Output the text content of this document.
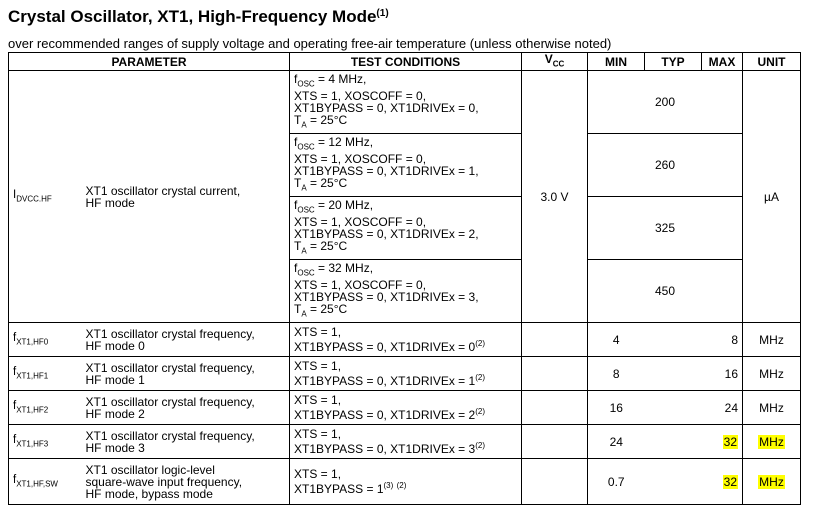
Crystal Oscillator, XT1, High-Frequency Mode$^{(1)}$
over recommended ranges of supply voltage and operating free-air temperature (unless otherwise noted)
PARAMETER		TEST CONDITIONS	$V_{CC}$	MIN	TYP	MAX	UNIT
$I_{DVCC.HF}$	XT1 oscillator crystal current,
HF mode	$f_{OSC} = 4$ MHz,
XTS = 1, XOSCOFF = 0,
XT1BYPASS = 0, XT1DRIVEx = 0,
$T_A = 25^\circ C$	3.0 V	200			µA
		$f_{OSC} = 12$ MHz,
XTS = 1, XOSCOFF = 0,
XT1BYPASS = 0, XT1DRIVEx = 1,
$T_A = 25^\circ C$		260			
		$f_{OSC} = 20$ MHz,
XTS = 1, XOSCOFF = 0,
XT1BYPASS = 0, XT1DRIVEx = 2,
$T_A = 25^\circ C$		325			
		$f_{OSC} = 32$ MHz,
XTS = 1, XOSCOFF = 0,
XT1BYPASS = 0, XT1DRIVEx = 3,
$T_A = 25^\circ C$		450			
$f_{XT1,HF0}$	XT1 oscillator crystal frequency,
HF mode 0	XTS = 1,
XT1BYPASS = 0, XT1DRIVEx = $0^{(2)}$		4		8	MHz
$f_{XT1,HF1}$	XT1 oscillator crystal frequency,
HF mode 1	XTS = 1,
XT1BYPASS = 0, XT1DRIVEx = $1^{(2)}$		8		16	MHz
$f_{XT1,HF2}$	XT1 oscillator crystal frequency,
HF mode 2	XTS = 1,
XT1BYPASS = 0, XT1DRIVEx = $2^{(2)}$		16		24	MHz
$f_{XT1,HF3}$	XT1 oscillator crystal frequency,
HF mode 3	XTS = 1,
XT1BYPASS = 0, XT1DRIVEx = $3^{(2)}$		24		32	MHz
$f_{XT1,HF,SW}$	XT1 oscillator logic-level
square-wave input frequency,
HF mode, bypass mode	XTS = 1,
XT1BYPASS = $1^{(3)}$ $^{(2)}$		0.7		32	MHz
